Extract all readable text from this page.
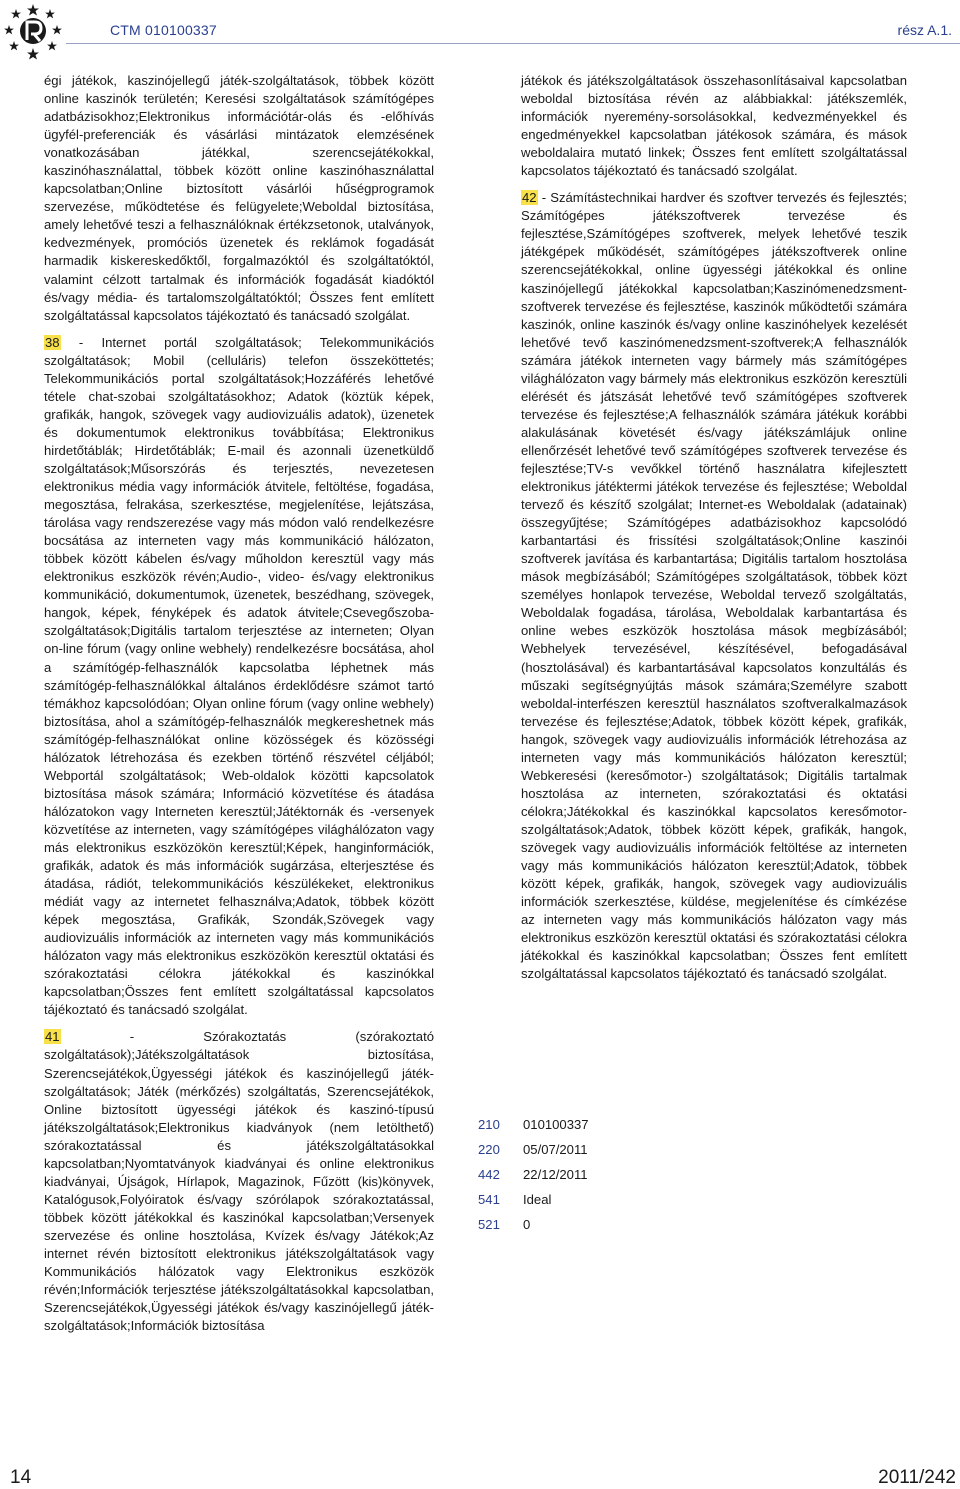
CTM 010100337	rész A.1.

égi játékok, kaszinójellegű játék-szolgáltatások, többek között online kaszinók területén; Keresési szolgáltatások számítógépes adatbázisokhoz;Elektronikus információtár-olás és -előhívás ügyfél-preferenciák és vásárlási mintázatok elemzésének vonatkozásában játékkal, szerencsejátékokkal, kaszinóhasználattal, többek között online kaszinóhasználattal kapcsolatban;Online biztosított vásárlói hűségprogramok szervezése, működtetése és felügyelete;Weboldal biztosítása, amely lehetővé teszi a felhasználóknak értékzsetonok, utalványok, kedvezmények, promóciós üzenetek és reklámok fogadását harmadik kiskereskedőktől, forgalmazóktól és szolgáltatóktól, valamint célzott tartalmak és információk fogadását kiadóktól és/vagy média- és tartalomszolgáltatóktól; Összes fent említett szolgáltatással kapcsolatos tájékoztató és tanácsadó szolgálat.

38 - Internet portál szolgáltatások; Telekommunikációs szolgáltatások; Mobil (celluláris) telefon összeköttetés; Telekommunikációs portal szolgáltatások;Hozzáférés lehetővé tétele chat-szobai szolgáltatásokhoz; Adatok (köztük képek, grafikák, hangok, szövegek vagy audiovizuális adatok), üzenetek és dokumentumok elektronikus továbbítása; Elektronikus hirdetőtáblák; Hirdetőtáblák; E-mail és azonnali üzenetküldő szolgáltatások;Műsorszórás és terjesztés, nevezetesen elektronikus média vagy információk átvitele, feltöltése, fogadása, megosztása, felrakása, szerkesztése, megjelenítése, lejátszása, tárolása vagy rendszerezése vagy más módon való rendelkezésre bocsátása az interneten vagy más kommunikáció hálózaton, többek között kábelen és/vagy műholdon keresztül vagy más elektronikus eszközök révén;Audio-, video- és/vagy elektronikus kommunikáció, dokumentumok, üzenetek, beszédhang, szövegek, hangok, képek, fényképek és adatok átvitele;Csevegőszoba-szolgáltatások;Digitális tartalom terjesztése az interneten; Olyan on-line fórum (vagy online webhely) rendelkezésre bocsátása, ahol a számítógép-felhasználók kapcsolatba léphetnek más számítógép-felhasználókkal általános érdeklődésre számot tartó témákhoz kapcsolódóan; Olyan online fórum (vagy online webhely) biztosítása, ahol a számítógép-felhasználók megkereshetnek más számítógép-felhasználókat online közösségek és közösségi hálózatok létrehozása és ezekben történő részvétel céljából; Webportál szolgáltatások; Web-oldalok közötti kapcsolatok biztosítása mások számára; Információ közvetítése és átadása hálózatokon vagy Interneten keresztül;Játéktornák és -versenyek közvetítése az interneten, vagy számítógépes világhálózaton vagy más elektronikus eszközökön keresztül;Képek, hanginformációk, grafikák, adatok és más információk sugárzása, elterjesztése és átadása, rádiót, telekommunikációs készülékeket, elektronikus médiát vagy az internetet felhasználva;Adatok, többek között képek megosztása, Grafikák, Szondák,Szövegek vagy audiovizuális információk az interneten vagy más kommunikációs hálózaton vagy más elektronikus eszközökön keresztül oktatási és szórakoztatási célokra játékokkal és kaszinókkal kapcsolatban;Összes fent említett szolgáltatással kapcsolatos tájékoztató és tanácsadó szolgálat.

41 - Szórakoztatás (szórakoztató szolgáltatások);Játékszolgáltatások biztosítása, Szerencsejátékok,Ügyességi játékok és kaszinójellegű játék-szolgáltatások; Játék (mérkőzés) szolgáltatás, Szerencsejátékok, Online biztosított ügyességi játékok és kaszinó-típusú játékszolgáltatások;Elektronikus kiadványok (nem letölthető) szórakoztatással és játékszolgáltatásokkal kapcsolatban;Nyomtatványok kiadványai és online elektronikus kiadványai, Újságok, Hírlapok, Magazinok, Fűzött (kis)könyvek, Katalógusok,Folyóiratok és/vagy szórólapok szórakoztatással, többek között játékokkal és kaszinókal kapcsolatban;Versenyek szervezése és online hosztolása, Kvízek és/vagy Játékok;Az internet révén biztosított elektronikus játékszolgáltatások vagy Kommunikációs hálózatok vagy Elektronikus eszközök révén;Információk terjesztése játékszolgáltatásokkal kapcsolatban, Szerencsejátékok,Ügyességi játékok és/vagy kaszinójellegű játék-szolgáltatások;Információk biztosítása

játékok és játékszolgáltatások összehasonlításaival kapcsolatban weboldal biztosítása révén az alábbiakkal: játékszemlék, információk nyeremény-sorsolásokkal, kedvezményekkel és engedményekkel kapcsolatban játékosok számára, és mások weboldalaira mutató linkek; Összes fent említett szolgáltatással kapcsolatos tájékoztató és tanácsadó szolgálat.

42 - Számítástechnikai hardver és szoftver tervezés és fejlesztés; Számítógépes játékszoftverek tervezése és fejlesztése,Számítógépes szoftverek, melyek lehetővé teszik játékgépek működését, számítógépes játékszoftverek online szerencsejátékokkal, online ügyességi játékokkal és online kaszinójellegű játékokkal kapcsolatban;Kaszinómenedzsment-szoftverek tervezése és fejlesztése, kaszinók működtetői számára kaszinók, online kaszinók és/vagy online kaszinóhelyek kezelését lehetővé tevő kaszinómenedzsment-szoftverek;A felhasználók számára játékok interneten vagy bármely más számítógépes világhálózaton vagy bármely más elektronikus eszközön keresztüli elérését és játszását lehetővé tevő számítógépes szoftverek tervezése és fejlesztése;A felhasználók számára játékuk korábbi alakulásának követését és/vagy játékszámlájuk online ellenőrzését lehetővé tevő számítógépes szoftverek tervezése és fejlesztése;TV-s vevőkkel történő használatra kifejlesztett elektronikus játéktermi játékok tervezése és fejlesztése; Weboldal tervező és készítő szolgálat; Internet-es Weboldalak (adatainak) összegyűjtése; Számítógépes adatbázisokhoz kapcsolódó karbantartási és frissítési szolgáltatások;Online kaszinói szoftverek javítása és karbantartása; Digitális tartalom hosztolása mások megbízásából; Számítógépes szolgáltatások, többek közt személyes honlapok tervezése, Weboldal tervező szolgáltatás, Weboldalak fogadása, tárolása, Weboldalak karbantartása és online webes eszközök hosztolása mások megbízásából; Webhelyek tervezésével, készítésével, befogadásával (hosztolásával) és karbantartásával kapcsolatos konzultálás és műszaki segítségnyújtás mások számára;Személyre szabott weboldal-interfészen keresztül használatos szoftveralkalmazások tervezése és fejlesztése;Adatok, többek között képek, grafikák, hangok, szövegek vagy audiovizuális információk létrehozása az interneten vagy más kommunikációs hálózaton keresztül; Webkeresési (keresőmotor-) szolgáltatások; Digitális tartalmak hosztolása az interneten, szórakoztatási és oktatási célokra;Játékokkal és kaszinókkal kapcsolatos keresőmotor-szolgáltatások;Adatok, többek között képek, grafikák, hangok, szövegek vagy audiovizuális információk feltöltése az interneten vagy más kommunikációs hálózaton keresztül;Adatok, többek között képek, grafikák, hangok, szövegek vagy audiovizuális információk szerkesztése, küldése, megjelenítése és címkézése az interneten vagy más kommunikációs hálózaton vagy más elektronikus eszközön keresztül oktatási és szórakoztatási célokra játékokkal és kaszinókkal kapcsolatban; Összes fent említett szolgáltatással kapcsolatos tájékoztató és tanácsadó szolgálat.

210	010100337
220	05/07/2011
442	22/12/2011
541	Ideal
521	0
14	2011/242
